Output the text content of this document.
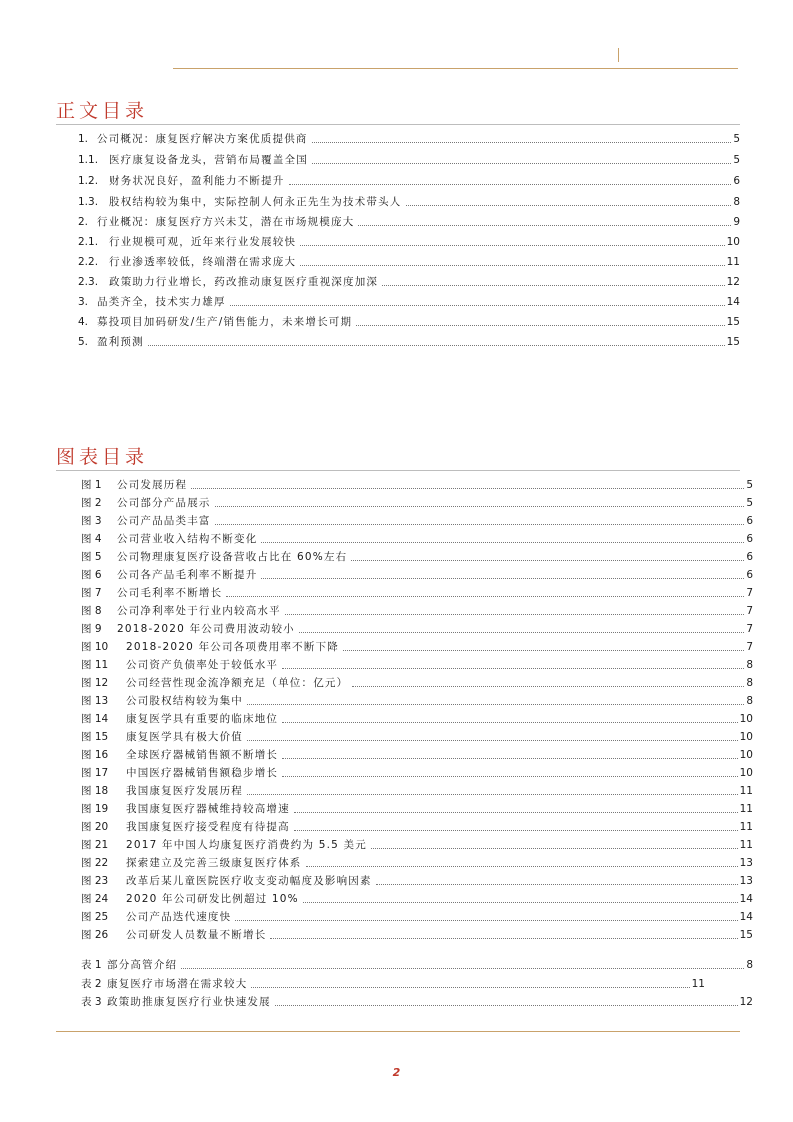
正文目录
1. 公司概况：康复医疗解决方案优质提供商	5
1.1.	医疗康复设备龙头，营销布局覆盖全国	5
1.2.	财务状况良好，盈利能力不断提升	6
1.3.	股权结构较为集中，实际控制人何永正先生为技术带头人	8
2. 行业概况：康复医疗方兴未艾，潜在市场规模庞大	9
2.1.	行业规模可观，近年来行业发展较快	10
2.2.	行业渗透率较低，终端潜在需求庞大	11
2.3.	政策助力行业增长，药改推动康复医疗重视深度加深	12
3. 品类齐全，技术实力雄厚	14
4. 募投项目加码研发/生产/销售能力，未来增长可期	15
5. 盈利预测	15
图表目录
图 1	公司发展历程	5
图 2	公司部分产品展示	5
图 3	公司产品品类丰富	6
图 4	公司营业收入结构不断变化	6
图 5	公司物理康复医疗设备营收占比在 60%左右	6
图 6	公司各产品毛利率不断提升	6
图 7	公司毛利率不断增长	7
图 8	公司净利率处于行业内较高水平	7
图 9	2018-2020 年公司费用波动较小	7
图 10	2018-2020 年公司各项费用率不断下降	7
图 11	公司资产负债率处于较低水平	8
图 12	公司经营性现金流净额充足（单位：亿元）	8
图 13	公司股权结构较为集中	8
图 14	康复医学具有重要的临床地位	10
图 15	康复医学具有极大价值	10
图 16	全球医疗器械销售额不断增长	10
图 17	中国医疗器械销售额稳步增长	10
图 18	我国康复医疗发展历程	11
图 19	我国康复医疗器械维持较高增速	11
图 20	我国康复医疗接受程度有待提高	11
图 21	2017 年中国人均康复医疗消费约为 5.5 美元	11
图 22	探索建立及完善三级康复医疗体系	13
图 23	改革后某儿童医院医疗收支变动幅度及影响因素	13
图 24	2020 年公司研发比例超过 10%	14
图 25	公司产品迭代速度快	14
图 26	公司研发人员数量不断增长	15
表 1 部分高管介绍	8
表 2 康复医疗市场潜在需求较大	11
表 3 政策助推康复医疗行业快速发展	12
2
